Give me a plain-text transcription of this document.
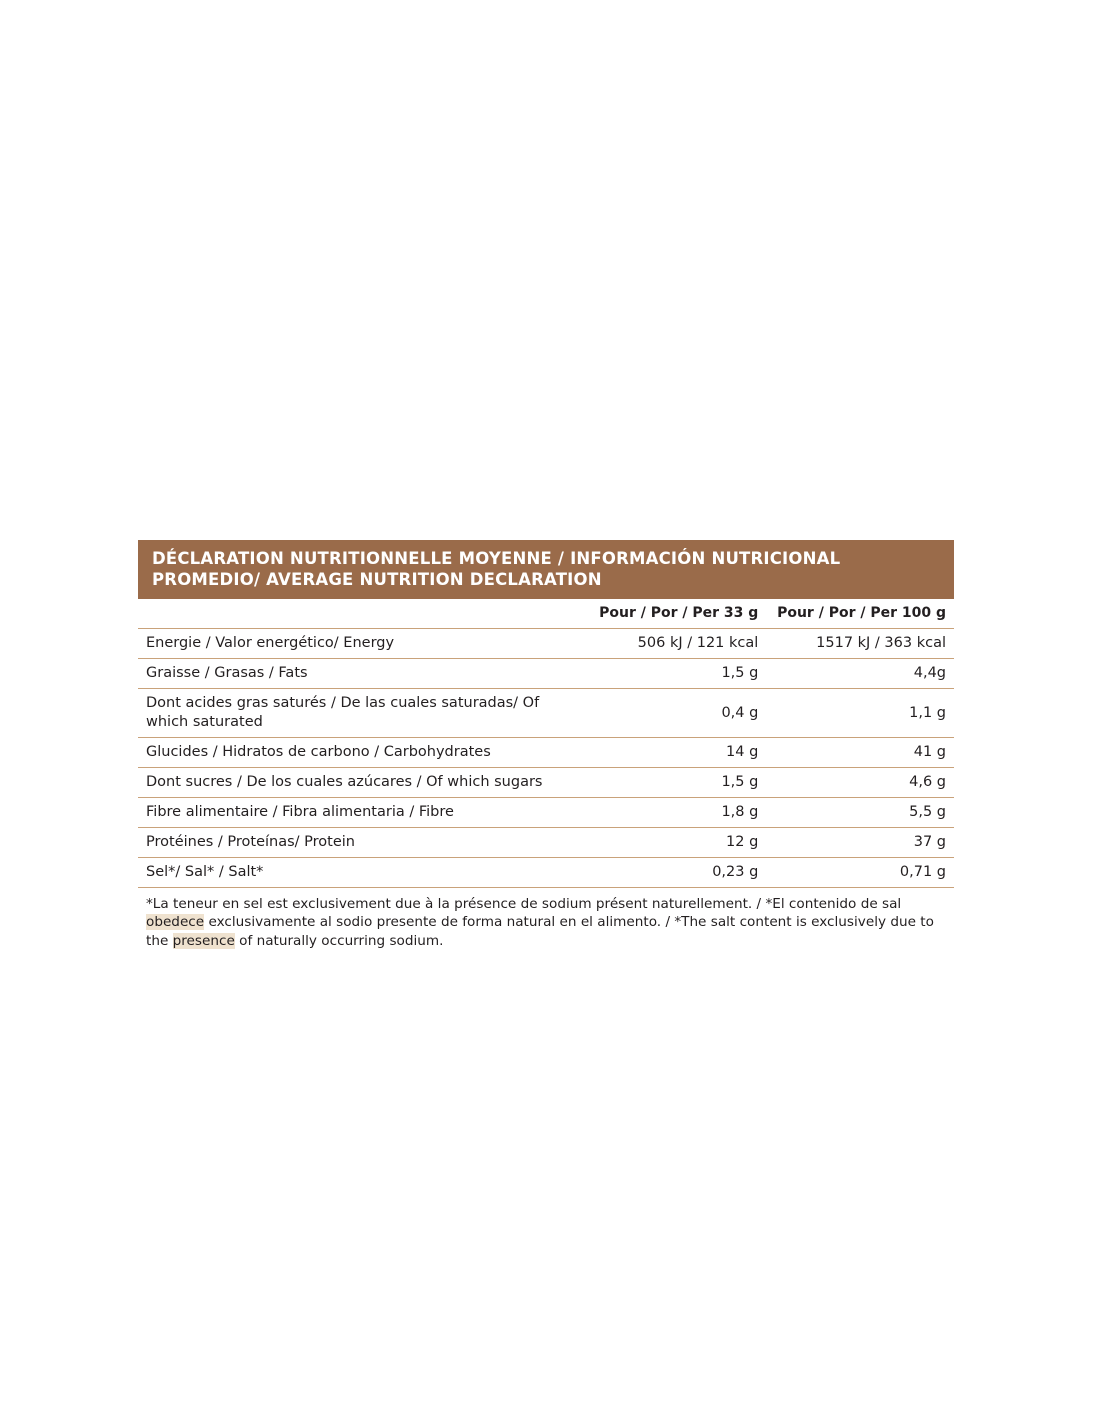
DÉCLARATION NUTRITIONNELLE MOYENNE / INFORMACIÓN NUTRICIONAL PROMEDIO/ AVERAGE NUTRITION DECLARATION
	Pour / Por / Per 33 g	Pour / Por / Per 100 g
Energie / Valor energético/ Energy	506 kJ / 121 kcal	1517 kJ / 363 kcal
Graisse / Grasas / Fats	1,5 g	4,4g
Dont acides gras saturés / De las cuales saturadas/ Of which saturated	0,4 g	1,1 g
Glucides / Hidratos de carbono / Carbohydrates	14 g	41 g
Dont sucres / De los cuales azúcares / Of which sugars	1,5 g	4,6 g
Fibre alimentaire / Fibra alimentaria / Fibre	1,8 g	5,5 g
Protéines / Proteínas/ Protein	12 g	37 g
Sel*/ Sal* / Salt*	0,23 g	0,71 g
*La teneur en sel est exclusivement due à la présence de sodium présent naturellement. / *El contenido de sal obedece exclusivamente al sodio presente de forma natural en el alimento. / *The salt content is exclusively due to the presence of naturally occurring sodium.
